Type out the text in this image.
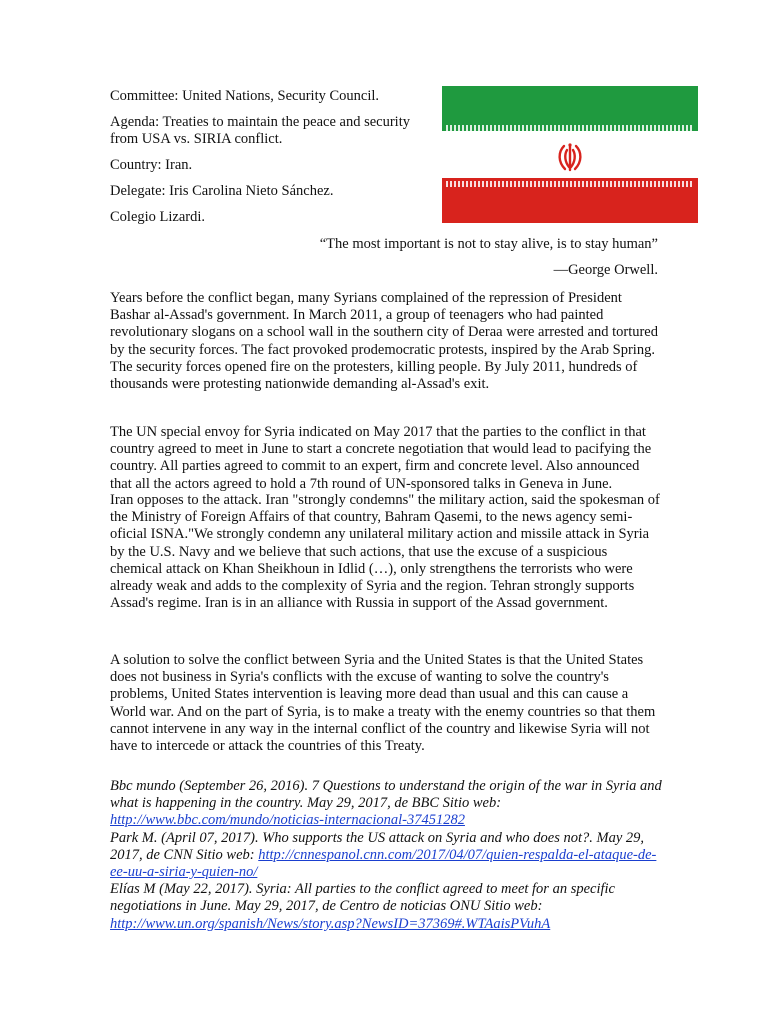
Committee: United Nations, Security Council.

Agenda: Treaties to maintain the peace and security from USA vs. SIRIA conflict.

Country: Iran.

Delegate: Iris Carolina Nieto Sánchez.

Colegio Lizardi.

“The most important is not to stay alive, is to stay human”

—George Orwell.

Years before the conflict began, many Syrians complained of the repression of President Bashar al-Assad's government. In March 2011, a group of teenagers who had painted revolutionary slogans on a school wall in the southern city of Deraa were arrested and tortured by the security forces. The fact provoked prodemocratic protests, inspired by the Arab Spring. The security forces opened fire on the protesters, killing people. By July 2011, hundreds of thousands were protesting nationwide demanding al-Assad's exit.

The UN special envoy for Syria indicated on May 2017 that the parties to the conflict in that country agreed to meet in June to start a concrete negotiation that would lead to pacifying the country. All parties agreed to commit to an expert, firm and concrete level. Also announced that all the actors agreed to hold a 7th round of UN-sponsored talks in Geneva in June.

Iran opposes to the attack. Iran "strongly condemns" the military action, said the spokesman of the Ministry of Foreign Affairs of that country, Bahram Qasemi, to the news agency semi-oficial ISNA."We strongly condemn any unilateral military action and missile attack in Syria by the U.S. Navy and we believe that such actions, that use the excuse of a suspicious chemical attack on Khan Sheikhoun in Idlid (…), only strengthens the terrorists who were already weak and adds to the complexity of Syria and the region. Tehran strongly supports Assad's regime. Iran is in an alliance with Russia in support of the Assad government.

A solution to solve the conflict between Syria and the United States is that the United States does not business in Syria's conflicts with the excuse of wanting to solve the country's problems, United States intervention is leaving more dead than usual and this can cause a World war. And on the part of Syria, is to make a treaty with the enemy countries so that them cannot intervene in any way in the internal conflict of the country and likewise Syria will not have to intercede or attack the countries of this Treaty.

Bbc mundo (September 26, 2016). 7 Questions to understand the origin of the war in Syria and what is happening in the country. May 29, 2017, de BBC Sitio web: http://www.bbc.com/mundo/noticias-internacional-37451282
Park M. (April 07, 2017). Who supports the US attack on Syria and who does not?. May 29, 2017, de CNN Sitio web: http://cnnespanol.cnn.com/2017/04/07/quien-respalda-el-ataque-de-ee-uu-a-siria-y-quien-no/
Elías M (May 22, 2017). Syria: All parties to the conflict agreed to meet for an specific negotiations in June. May 29, 2017, de Centro de noticias ONU Sitio web: http://www.un.org/spanish/News/story.asp?NewsID=37369#.WTAaisPVuhA
